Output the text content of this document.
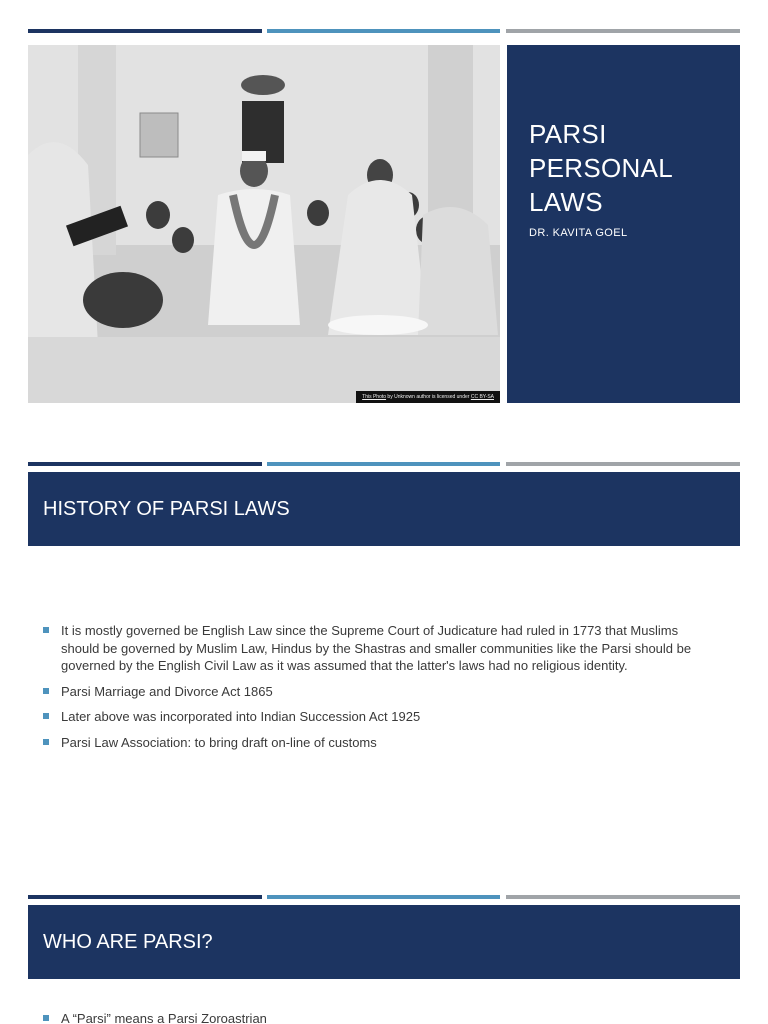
This Photo by Unknown author is licensed under CC BY-SA
PARSI
PERSONAL
LAWS
DR. KAVITA GOEL
HISTORY OF PARSI LAWS
It is mostly governed be English Law since the Supreme Court of Judicature had ruled in 1773 that Muslims should be governed by Muslim Law, Hindus by the Shastras and smaller communities like the Parsi should be governed by the English Civil Law as it was assumed that the latter's laws had no religious identity.
Parsi Marriage and Divorce Act 1865
Later above was incorporated into Indian Succession Act 1925
Parsi Law Association: to bring draft on-line of customs
WHO ARE PARSI?
A “Parsi” means a Parsi Zoroastrian
